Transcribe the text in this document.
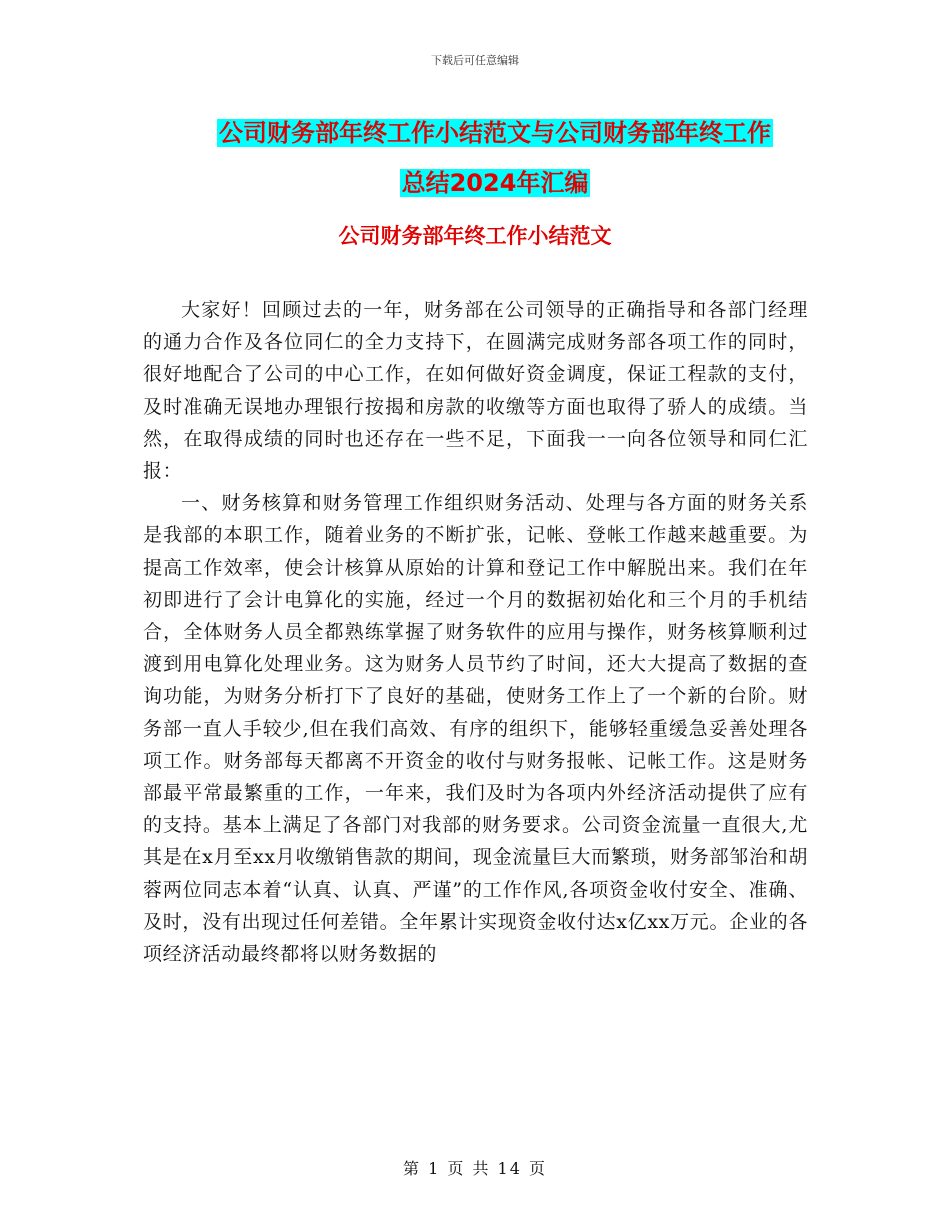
下载后可任意编辑
公司财务部年终工作小结范文与公司财务部年终工作
总结2024年汇编
公司财务部年终工作小结范文

大家好！回顾过去的一年，财务部在公司领导的正确指导和各部门经理的通力合作及各位同仁的全力支持下，在圆满完成财务部各项工作的同时，很好地配合了公司的中心工作，在如何做好资金调度，保证工程款的支付，及时准确无误地办理银行按揭和房款的收缴等方面也取得了骄人的成绩。当然，在取得成绩的同时也还存在一些不足，下面我一一向各位领导和同仁汇报：

一、财务核算和财务管理工作组织财务活动、处理与各方面的财务关系是我部的本职工作，随着业务的不断扩张，记帐、登帐工作越来越重要。为提高工作效率，使会计核算从原始的计算和登记工作中解脱出来。我们在年初即进行了会计电算化的实施，经过一个月的数据初始化和三个月的手机结合，全体财务人员全都熟练掌握了财务软件的应用与操作，财务核算顺利过渡到用电算化处理业务。这为财务人员节约了时间，还大大提高了数据的查询功能，为财务分析打下了良好的基础，使财务工作上了一个新的台阶。财务部一直人手较少,但在我们高效、有序的组织下，能够轻重缓急妥善处理各项工作。财务部每天都离不开资金的收付与财务报帐、记帐工作。这是财务部最平常最繁重的工作，一年来，我们及时为各项内外经济活动提供了应有的支持。基本上满足了各部门对我部的财务要求。公司资金流量一直很大,尤其是在x月至xx月收缴销售款的期间，现金流量巨大而繁琐，财务部邹治和胡蓉两位同志本着“认真、认真、严谨”的工作作风,各项资金收付安全、准确、及时，没有出现过任何差错。全年累计实现资金收付达x亿xx万元。企业的各项经济活动最终都将以财务数据的

第 1 页 共 14 页
